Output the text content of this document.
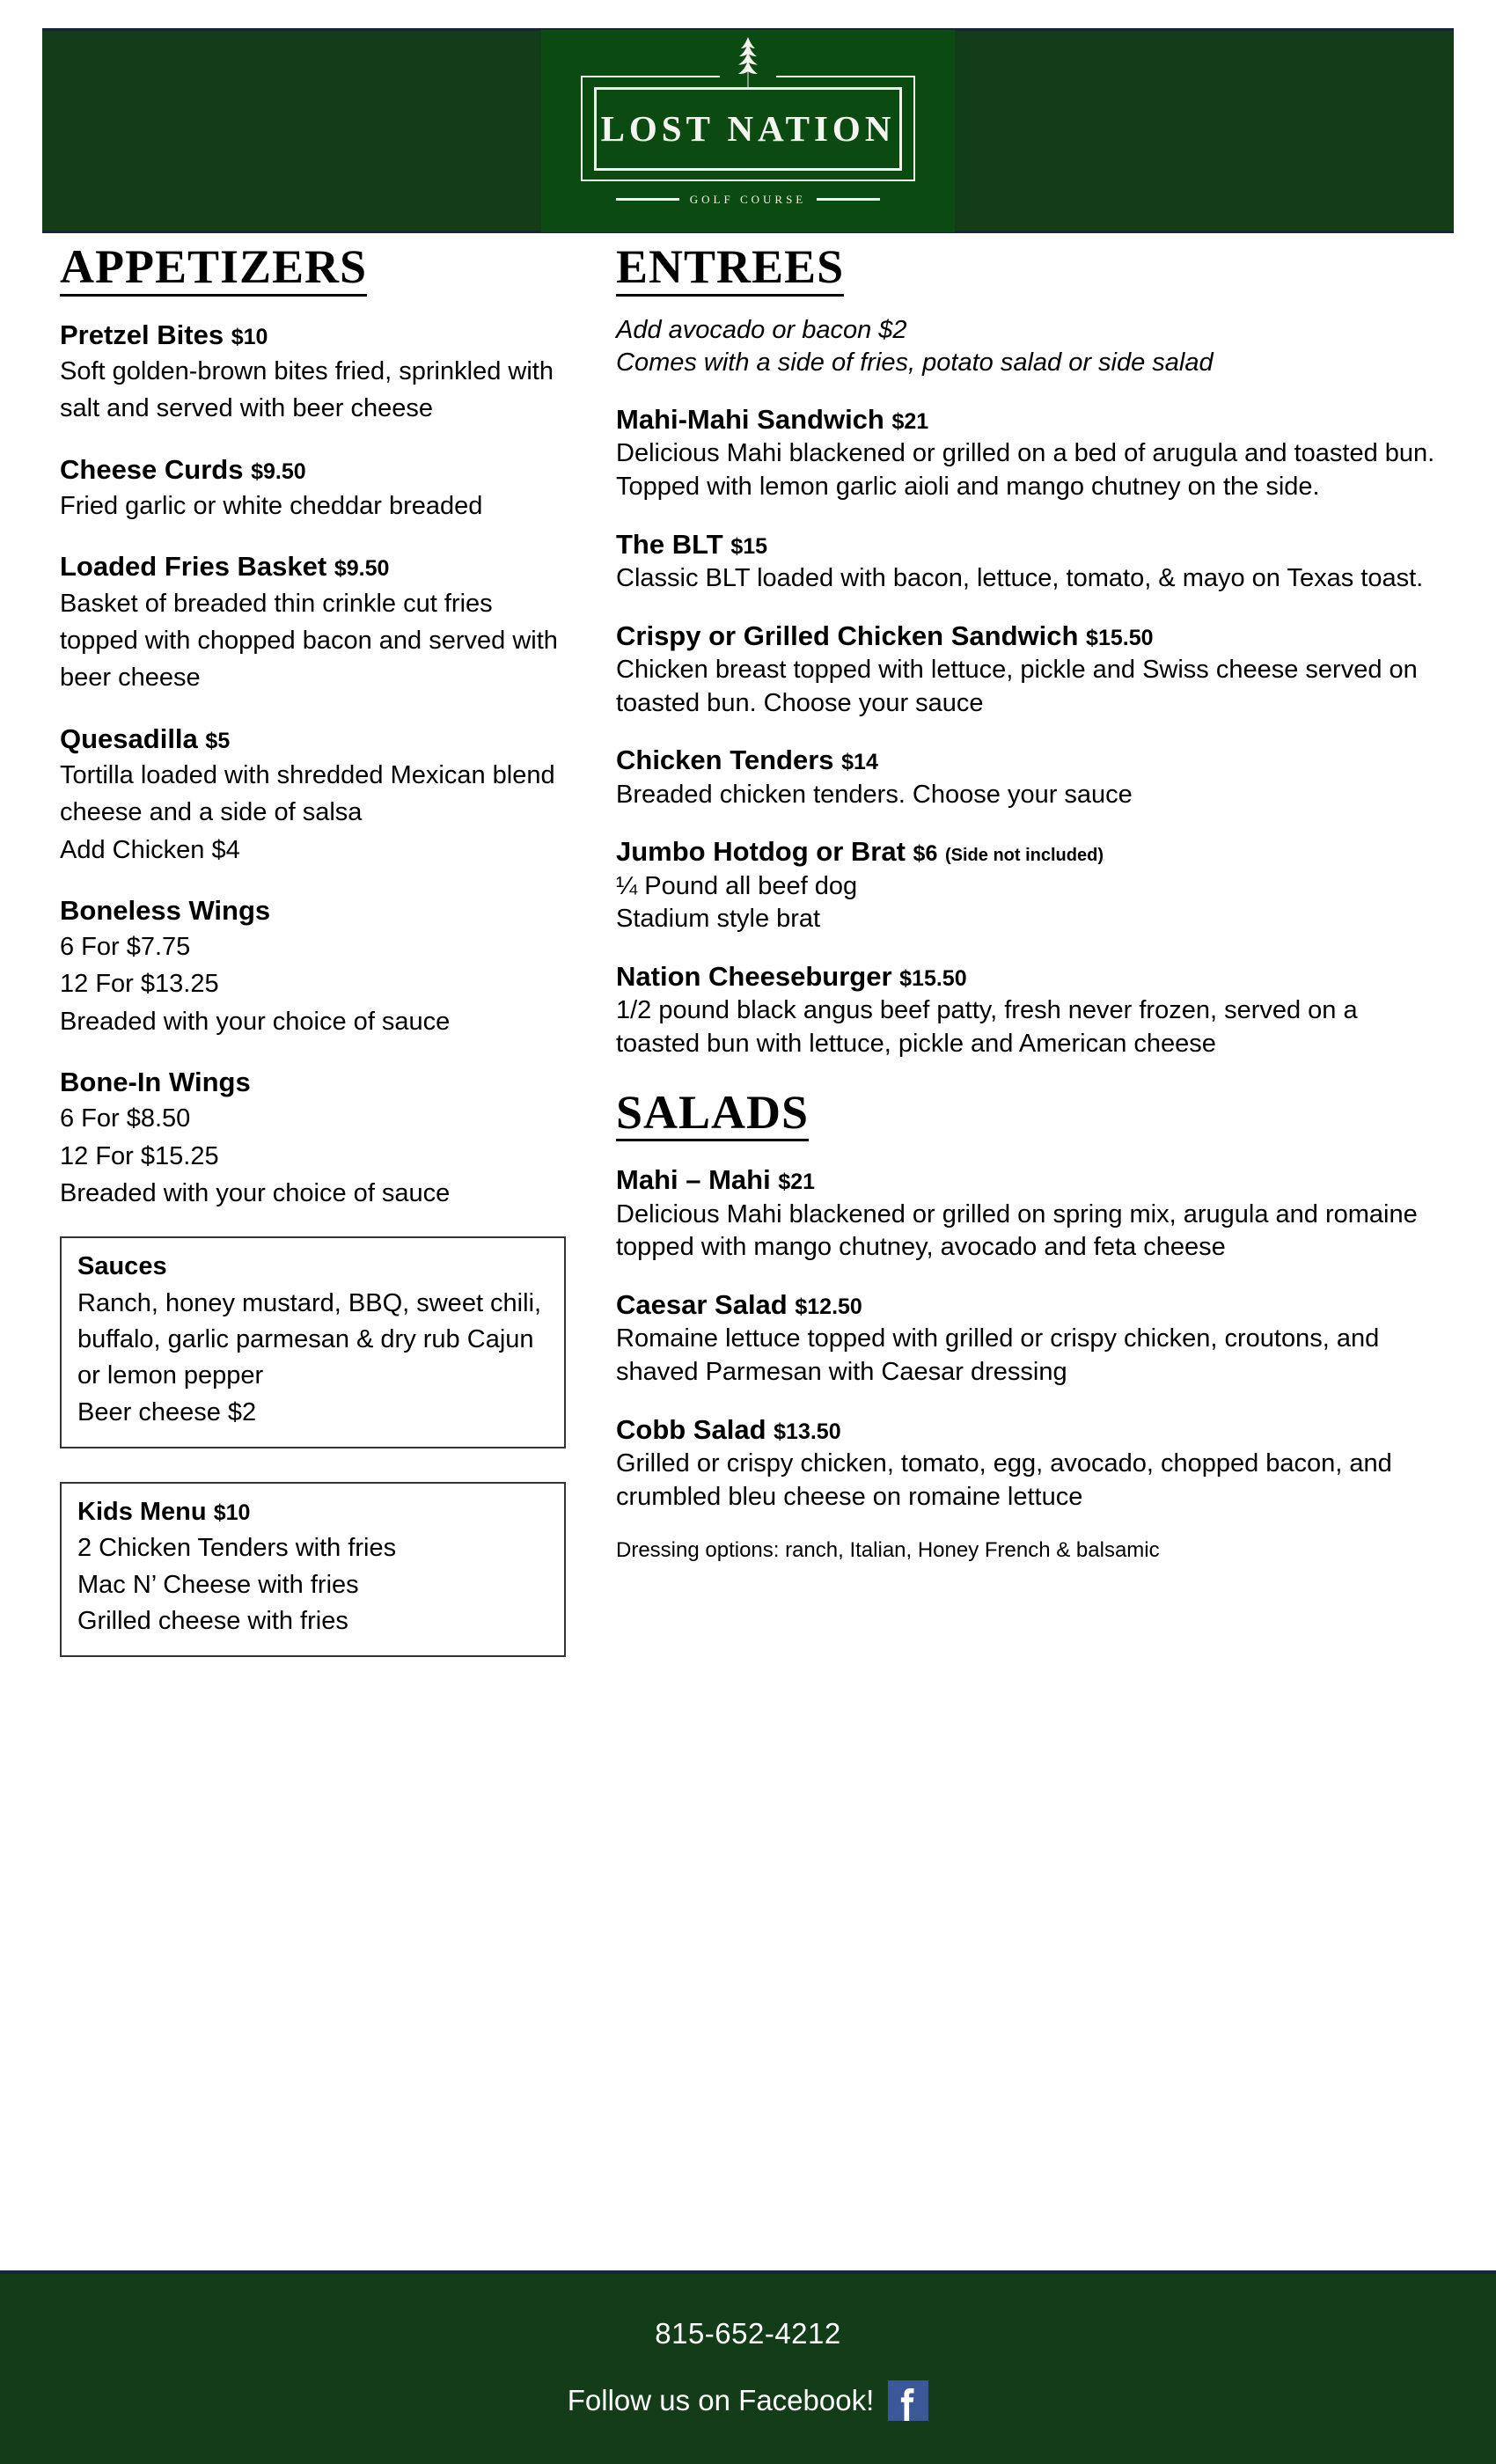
LOST NATION
GOLF COURSE
APPETIZERS
Pretzel Bites $10
Soft golden-brown bites fried, sprinkled with salt and served with beer cheese
Cheese Curds $9.50
Fried garlic or white cheddar breaded
Loaded Fries Basket $9.50
Basket of breaded thin crinkle cut fries topped with chopped bacon and served with beer cheese
Quesadilla $5
Tortilla loaded with shredded Mexican blend cheese and a side of salsa
Add Chicken $4
Boneless Wings
6 For $7.75
12 For $13.25
Breaded with your choice of sauce
Bone-In Wings
6 For $8.50
12 For $15.25
Breaded with your choice of sauce
Sauces
Ranch, honey mustard, BBQ, sweet chili, buffalo, garlic parmesan & dry rub Cajun or lemon pepper
Beer cheese $2
Kids Menu $10
2 Chicken Tenders with fries
Mac N’ Cheese with fries
Grilled cheese with fries
ENTREES
Add avocado or bacon $2
Comes with a side of fries, potato salad or side salad
Mahi-Mahi Sandwich $21
Delicious Mahi blackened or grilled on a bed of arugula and toasted bun. Topped with lemon garlic aioli and mango chutney on the side.
The BLT $15
Classic BLT loaded with bacon, lettuce, tomato, & mayo on Texas toast.
Crispy or Grilled Chicken Sandwich $15.50
Chicken breast topped with lettuce, pickle and Swiss cheese served on toasted bun. Choose your sauce
Chicken Tenders $14
Breaded chicken tenders. Choose your sauce
Jumbo Hotdog or Brat $6 (Side not included)
¼ Pound all beef dog
Stadium style brat
Nation Cheeseburger $15.50
1/2 pound black angus beef patty, fresh never frozen, served on a toasted bun with lettuce, pickle and American cheese
SALADS
Mahi – Mahi $21
Delicious Mahi blackened or grilled on spring mix, arugula and romaine topped with mango chutney, avocado and feta cheese
Caesar Salad $12.50
Romaine lettuce topped with grilled or crispy chicken, croutons, and shaved Parmesan with Caesar dressing
Cobb Salad $13.50
Grilled or crispy chicken, tomato, egg, avocado, chopped bacon, and crumbled bleu cheese on romaine lettuce
Dressing options: ranch, Italian, Honey French & balsamic
815-652-4212
Follow us on Facebook!
